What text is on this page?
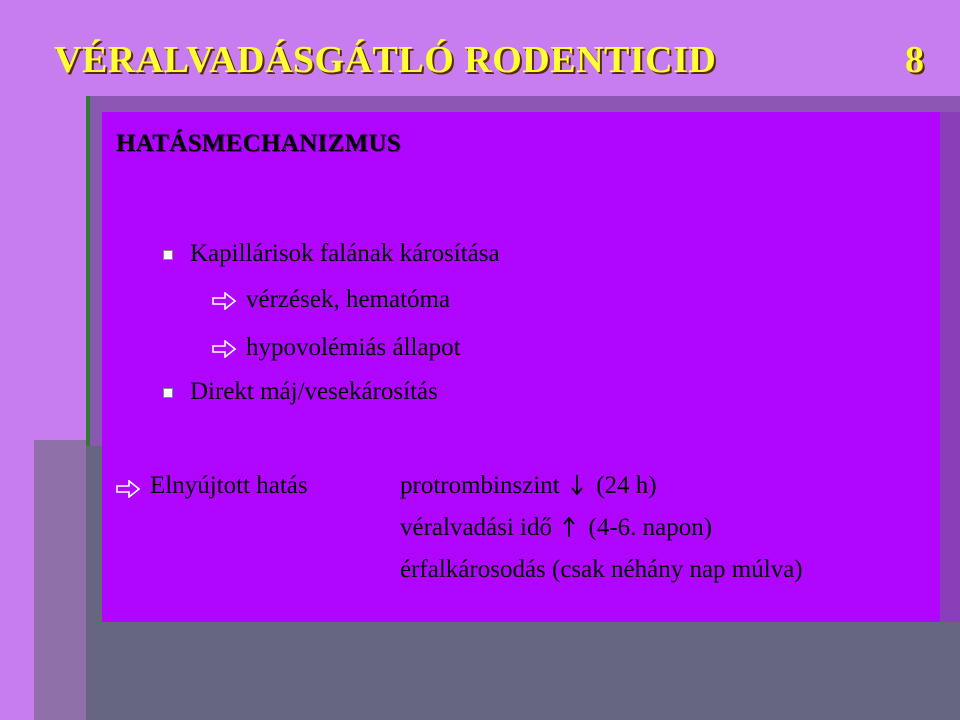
VÉRALVADÁSGÁTLÓ RODENTICID	8
HATÁSMECHANIZMUS
Kapillárisok falának károsítása
vérzések, hematóma
hypovolémiás állapot
Direkt máj/vesekárosítás
Elnyújtott hatás	protrombinszint (24 h)
véralvadási idő (4-6. napon)
érfalkárosodás (csak néhány nap múlva)
